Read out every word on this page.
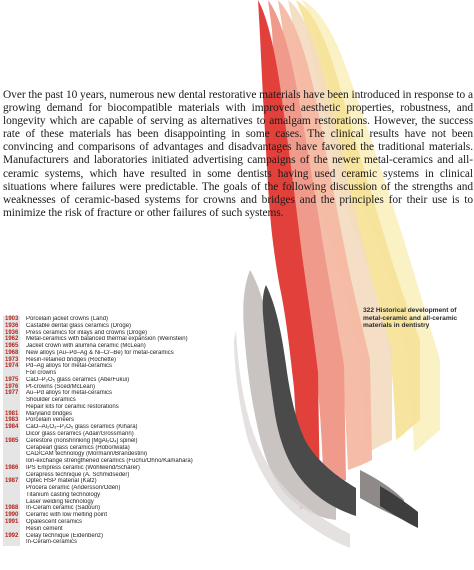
Over the past 10 years, numerous new dental restorative materials have been introduced in response to a growing demand for biocompatible materials with improved aesthetic properties, robustness, and longevity which are capable of serving as alternatives to amalgam restorations. However, the success rate of these materials has been disappointing in some cases. The clinical results have not been convincing and comparisons of advantages and disadvantages have favored the traditional materials. Manufacturers and laboratories initiated advertising campaigns of the newer metal-ceramics and all-ceramic systems, which have resulted in some dentists having used ceramic systems in clinical situations where failures were predictable. The goals of the following discussion of the strengths and weaknesses of ceramic-based systems for crowns and bridges and the principles for their use is to minimize the risk of fracture or other failures of such systems.
322 Historical development of metal-ceramic and all-ceramic materials in dentistry
1903	Porcelain jacket crowns (Land)
1936	Castable dental glass ceramics (Dröge)
1936	Press ceramics for inlays and crowns (Dröge)
1962	Metal-ceramics with balanced thermal expansion (Weinstein)
1965	Jacket crown with alumina ceramic (McLean)
1968	New alloys (Au–Pd–Ag & Ni–Cr–Be) for metal-ceramics
1973	Resin-retained bridges (Rochette)
1974	Pd–Ag alloys for metal-ceramics
Foil crowns
1975	CaO–P₂O₅ glass ceramics (Abe/Fukui)
1976	Pt-crowns (Sced/McLean)
1977	Au–Pd alloys for metal-ceramics
Shoulder ceramics
Repair kits for ceramic restorations
1981	Maryland bridges
1983	Porcelain veneers
1984	CaO–Al₂O₃–P₂O₅ glass ceramics (Kihara)
Dicor glass ceramics (Adair/Grossmann)
1985	Cerestore (nonshrinking [MgAl₂O₄] spinel)
Cerapearl glass ceramics (Hobo/Iwata)
CAD/CAM technology (Mörmann/Brandestini)
Ion-exchange strengthened ceramics (Fuchu/Ohno/Kamahara)
1986	IPS Empress ceramic (Wohlwend/Schärer)
Cerapress technique (A. Schmidseder)
1987	Optec HSP material (Katz)
Procera ceramic (Andersson/Odén)
Titanium casting technology
Laser welding technology
1988	In-Ceram ceramic (Sadoun)
1990	Ceramic with low melting point
1991	Opalescent ceramics
Resin cement
1992	Celay technique (Eidenbenz)
In-Ceram-ceramics
